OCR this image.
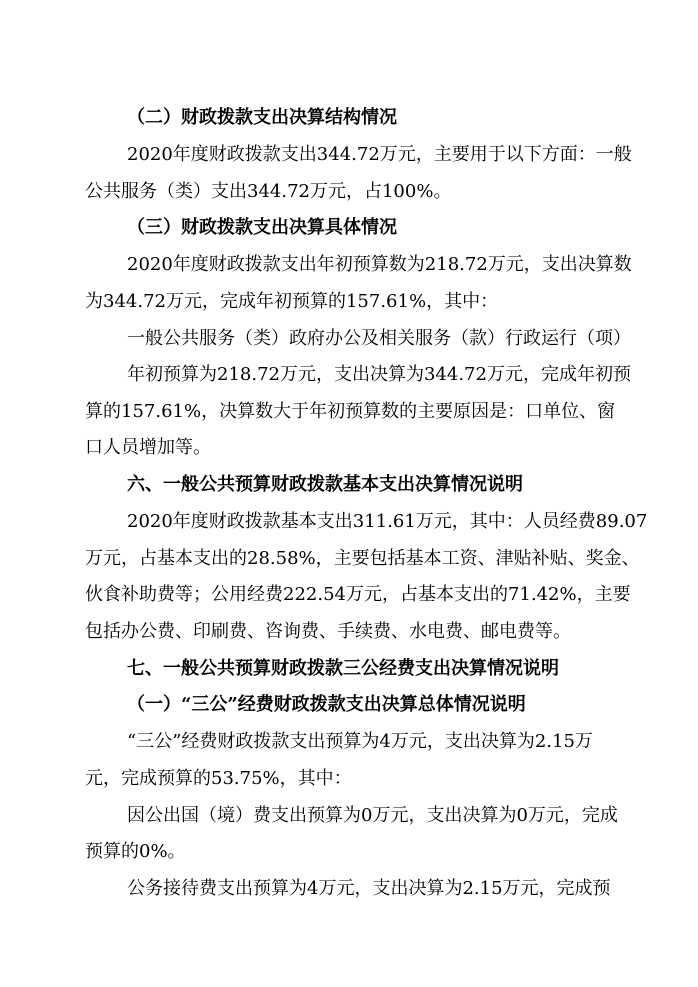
（二）财政拨款支出决算结构情况
2020年度财政拨款支出344.72万元，主要用于以下方面：一般
公共服务（类）支出344.72万元，占100%。
（三）财政拨款支出决算具体情况
2020年度财政拨款支出年初预算数为218.72万元，支出决算数
为344.72万元，完成年初预算的157.61%，其中：
一般公共服务（类）政府办公及相关服务（款）行政运行（项）
年初预算为218.72万元，支出决算为344.72万元，完成年初预
算的157.61%，决算数大于年初预算数的主要原因是：口单位、窗
口人员增加等。
六、一般公共预算财政拨款基本支出决算情况说明
2020年度财政拨款基本支出311.61万元，其中：人员经费89.07
万元，占基本支出的28.58%，主要包括基本工资、津贴补贴、奖金、
伙食补助费等；公用经费222.54万元，占基本支出的71.42%，主要
包括办公费、印刷费、咨询费、手续费、水电费、邮电费等。
七、一般公共预算财政拨款三公经费支出决算情况说明
（一）“三公”经费财政拨款支出决算总体情况说明
“三公”经费财政拨款支出预算为4万元，支出决算为2.15万
元，完成预算的53.75%，其中：
因公出国（境）费支出预算为0万元，支出决算为0万元，完成
预算的0%。
公务接待费支出预算为4万元，支出决算为2.15万元，完成预
